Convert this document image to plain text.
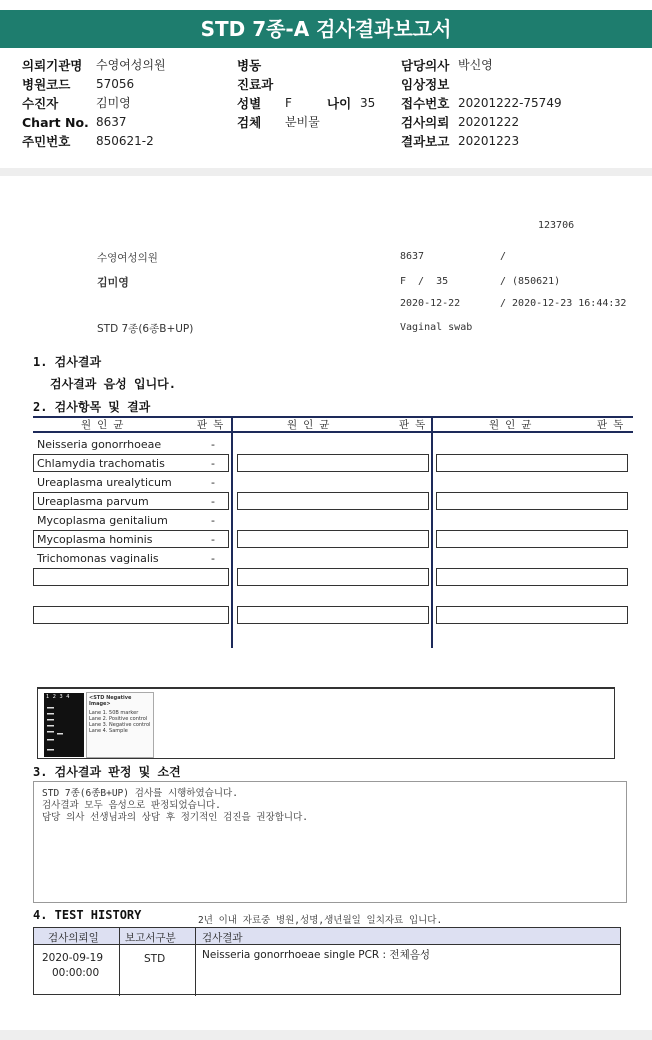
STD 7종-A 검사결과보고서
의뢰기관명 수영여성의원	병동	담당의사 박신영
병원코드 57056	진료과	임상정보
수진자	김미영	성별 F	나이 35 접수번호 20201222-75749
Chart No. 8637	검체 분비물	검사의뢰 20201222
주민번호 850621-2	결과보고 20201223
123706
수영여성의원	8637	/
김미영	F  /  35	/ (850621)
2020-12-22	/ 2020-12-23 16:44:32
STD 7종(6종B+UP)	Vaginal swab
1. 검사결과
검사결과 음성 입니다.
2. 검사항목 및 결과
원인균	판독	원인균	판독	원인균	판독
Neisseria gonorrhoeae	-
Chlamydia trachomatis	-
Ureaplasma urealyticum	-
Ureaplasma parvum	-
Mycoplasma genitalium	-
Mycoplasma hominis	-
Trichomonas vaginalis	-
1 2 3 4	<STD Negative Image>
Lane 1. 50B marker
Lane 2. Positive control
Lane 3. Negative control
Lane 4. Sample
3. 검사결과 판정 및 소견
STD 7종(6종B+UP) 검사를 시행하였습니다.
검사결과 모두 음성으로 판정되었습니다.
담당 의사 선생님과의 상담 후 정기적인 검진을 권장합니다.
4. TEST HISTORY	2년 이내 자료중 병원,성명,생년월일 일치자료 입니다.
검사의뢰일	보고서구분	검사결과
2020-09-19
00:00:00
STD	Neisseria gonorrhoeae single PCR : 전체음성
